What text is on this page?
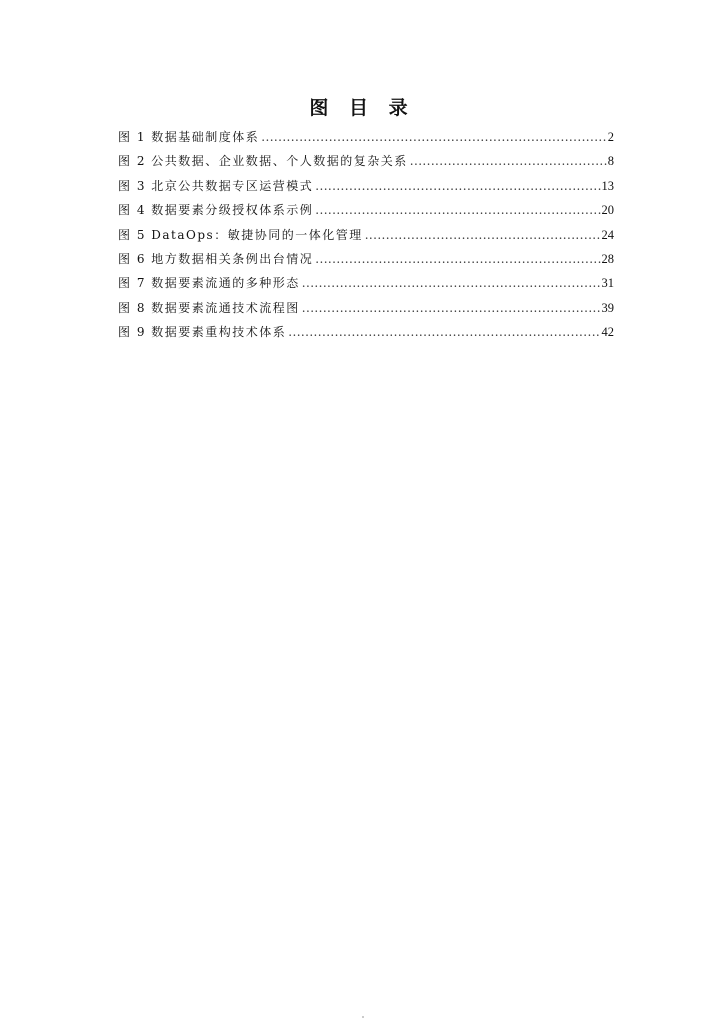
图 目 录
图 1 数据基础制度体系 .....	2
图 2 公共数据、企业数据、个人数据的复杂关系 .....	8
图 3 北京公共数据专区运营模式 .....	13
图 4 数据要素分级授权体系示例 .....	20
图 5 DataOps：敏捷协同的一体化管理 .....	24
图 6 地方数据相关条例出台情况 .....	28
图 7 数据要素流通的多种形态 .....	31
图 8 数据要素流通技术流程图 .....	39
图 9 数据要素重构技术体系 .....	42
